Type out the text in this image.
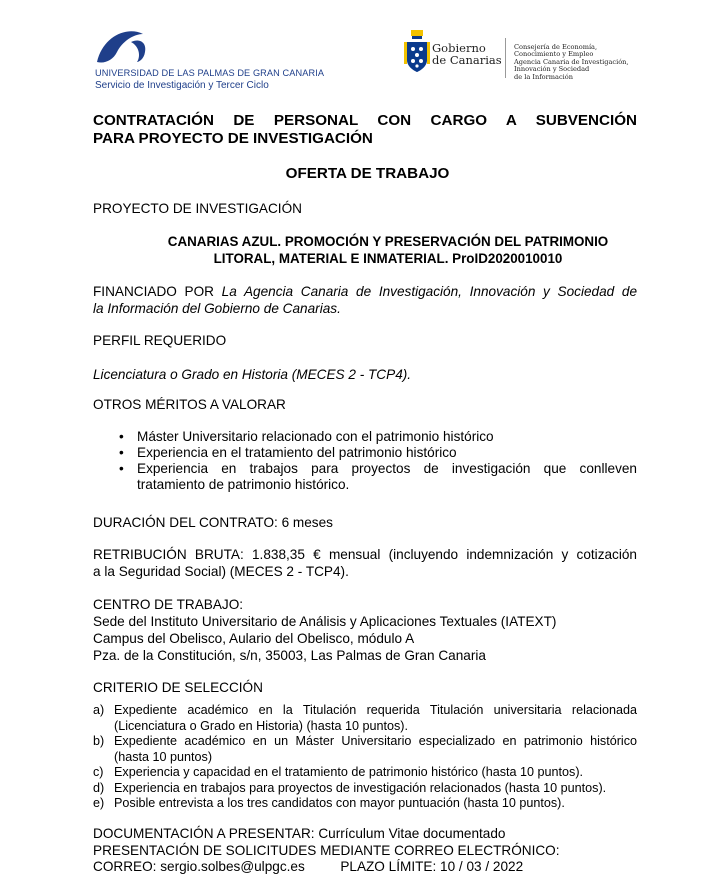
UNIVERSIDAD DE LAS PALMAS DE GRAN CANARIA
Servicio de Investigación y Tercer Ciclo
Gobierno
de Canarias
Consejería de Economía,
Conocimiento y Empleo
Agencia Canaria de Investigación,
Innovación y Sociedad
de la Información
CONTRATACIÓN DE PERSONAL CON CARGO A SUBVENCIÓN
PARA PROYECTO DE INVESTIGACIÓN
OFERTA DE TRABAJO
PROYECTO DE INVESTIGACIÓN
CANARIAS AZUL. PROMOCIÓN Y PRESERVACIÓN DEL PATRIMONIO
LITORAL, MATERIAL E INMATERIAL. ProID2020010010
FINANCIADO POR La Agencia Canaria de Investigación, Innovación y Sociedad de
la Información del Gobierno de Canarias.
PERFIL REQUERIDO
Licenciatura o Grado en Historia (MECES 2 - TCP4).
OTROS MÉRITOS A VALORAR
• Máster Universitario relacionado con el patrimonio histórico
• Experiencia en el tratamiento del patrimonio histórico
• Experiencia en trabajos para proyectos de investigación que conlleven
tratamiento de patrimonio histórico.
DURACIÓN DEL CONTRATO: 6 meses
RETRIBUCIÓN BRUTA: 1.838,35 € mensual (incluyendo indemnización y cotización
a la Seguridad Social) (MECES 2 - TCP4).
CENTRO DE TRABAJO:
Sede del Instituto Universitario de Análisis y Aplicaciones Textuales (IATEXT)
Campus del Obelisco, Aulario del Obelisco, módulo A
Pza. de la Constitución, s/n, 35003, Las Palmas de Gran Canaria
CRITERIO DE SELECCIÓN
a) Expediente académico en la Titulación requerida Titulación universitaria relacionada
(Licenciatura o Grado en Historia) (hasta 10 puntos).
b) Expediente académico en un Máster Universitario especializado en patrimonio histórico
(hasta 10 puntos)
c) Experiencia y capacidad en el tratamiento de patrimonio histórico (hasta 10 puntos).
d) Experiencia en trabajos para proyectos de investigación relacionados (hasta 10 puntos).
e) Posible entrevista a los tres candidatos con mayor puntuación (hasta 10 puntos).
DOCUMENTACIÓN A PRESENTAR: Currículum Vitae documentado
PRESENTACIÓN DE SOLICITUDES MEDIANTE CORREO ELECTRÓNICO:
CORREO: sergio.solbes@ulpgc.es	PLAZO LÍMITE: 10 / 03 / 2022
